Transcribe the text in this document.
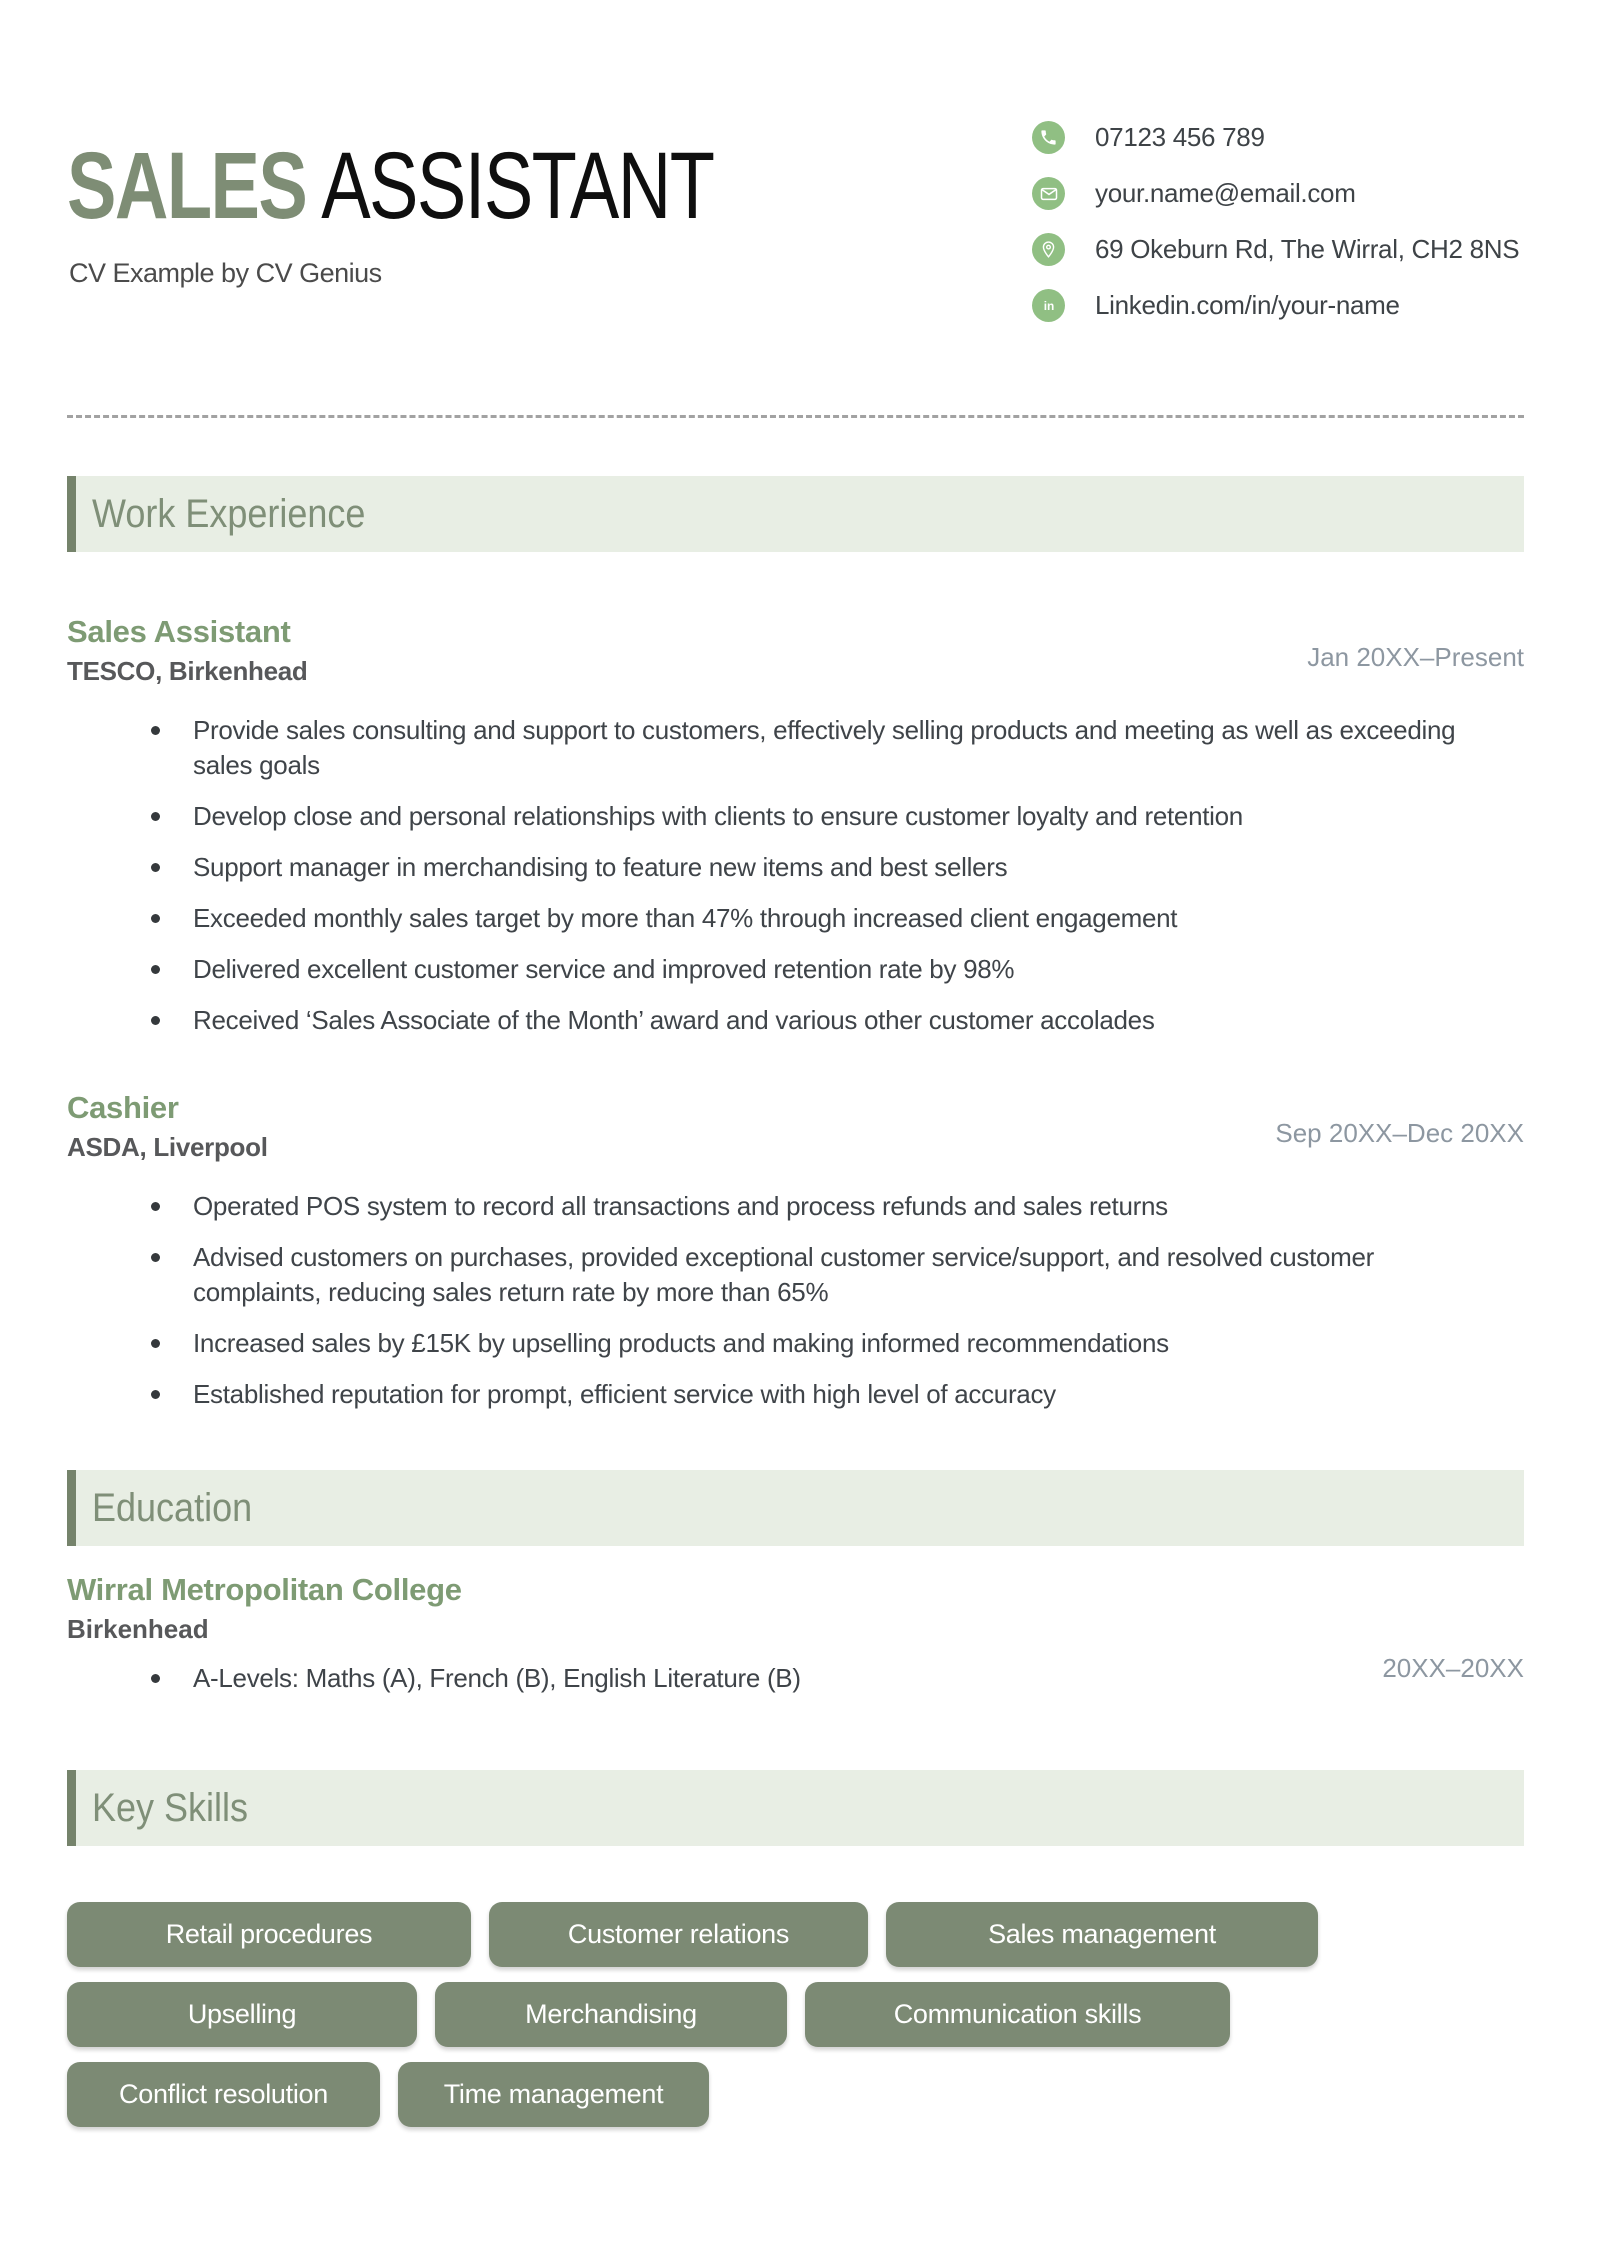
SALES ASSISTANT
CV Example by CV Genius
07123 456 789
your.name@email.com
69 Okeburn Rd, The Wirral, CH2 8NS
in Linkedin.com/in/your-name
Work Experience
Sales Assistant
TESCO, Birkenhead	Jan 20XX–Present
Provide sales consulting and support to customers, effectively selling products and meeting as well as exceeding sales goals
Develop close and personal relationships with clients to ensure customer loyalty and retention
Support manager in merchandising to feature new items and best sellers
Exceeded monthly sales target by more than 47% through increased client engagement
Delivered excellent customer service and improved retention rate by 98%
Received ‘Sales Associate of the Month’ award and various other customer accolades
Cashier
ASDA, Liverpool	Sep 20XX–Dec 20XX
Operated POS system to record all transactions and process refunds and sales returns
Advised customers on purchases, provided exceptional customer service/support, and resolved customer complaints, reducing sales return rate by more than 65%
Increased sales by £15K by upselling products and making informed recommendations
Established reputation for prompt, efficient service with high level of accuracy
Education
Wirral Metropolitan College
Birkenhead
A-Levels: Maths (A), French (B), English Literature (B)	20XX–20XX
Key Skills
Retail procedures	Customer relations	Sales management
Upselling	Merchandising	Communication skills
Conflict resolution	Time management
